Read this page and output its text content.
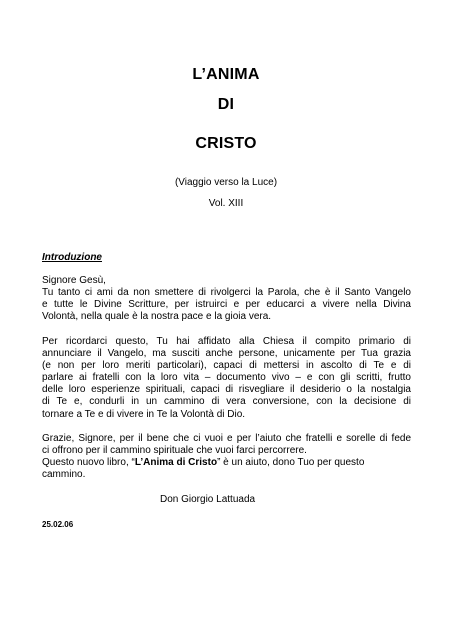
L’ANIMA
DI
CRISTO
(Viaggio verso la Luce)
Vol. XIII
Introduzione
Signore Gesù,
Tu tanto ci ami da non smettere di rivolgerci la Parola, che è il Santo Vangelo
e tutte le Divine Scritture, per istruirci e per educarci a vivere nella Divina
Volontà, nella quale è la nostra pace e la gioia vera.
Per ricordarci questo, Tu hai affidato alla Chiesa il compito primario di
annunciare il Vangelo, ma susciti anche persone, unicamente per Tua grazia
(e non per loro meriti particolari), capaci di mettersi in ascolto di Te e di
parlare ai fratelli con la loro vita – documento vivo – e con gli scritti, frutto
delle loro esperienze spirituali, capaci di risvegliare il desiderio o la nostalgia
di Te e, condurli in un cammino di vera conversione, con la decisione di
tornare a Te e di vivere in Te la Volontà di Dio.
Grazie, Signore, per il bene che ci vuoi e per l’aiuto che fratelli e sorelle di fede
ci offrono per il cammino spirituale che vuoi farci percorrere.
Questo nuovo libro, “L’Anima di Cristo” è un aiuto, dono Tuo per questo
cammino.
Don Giorgio Lattuada
25.02.06
